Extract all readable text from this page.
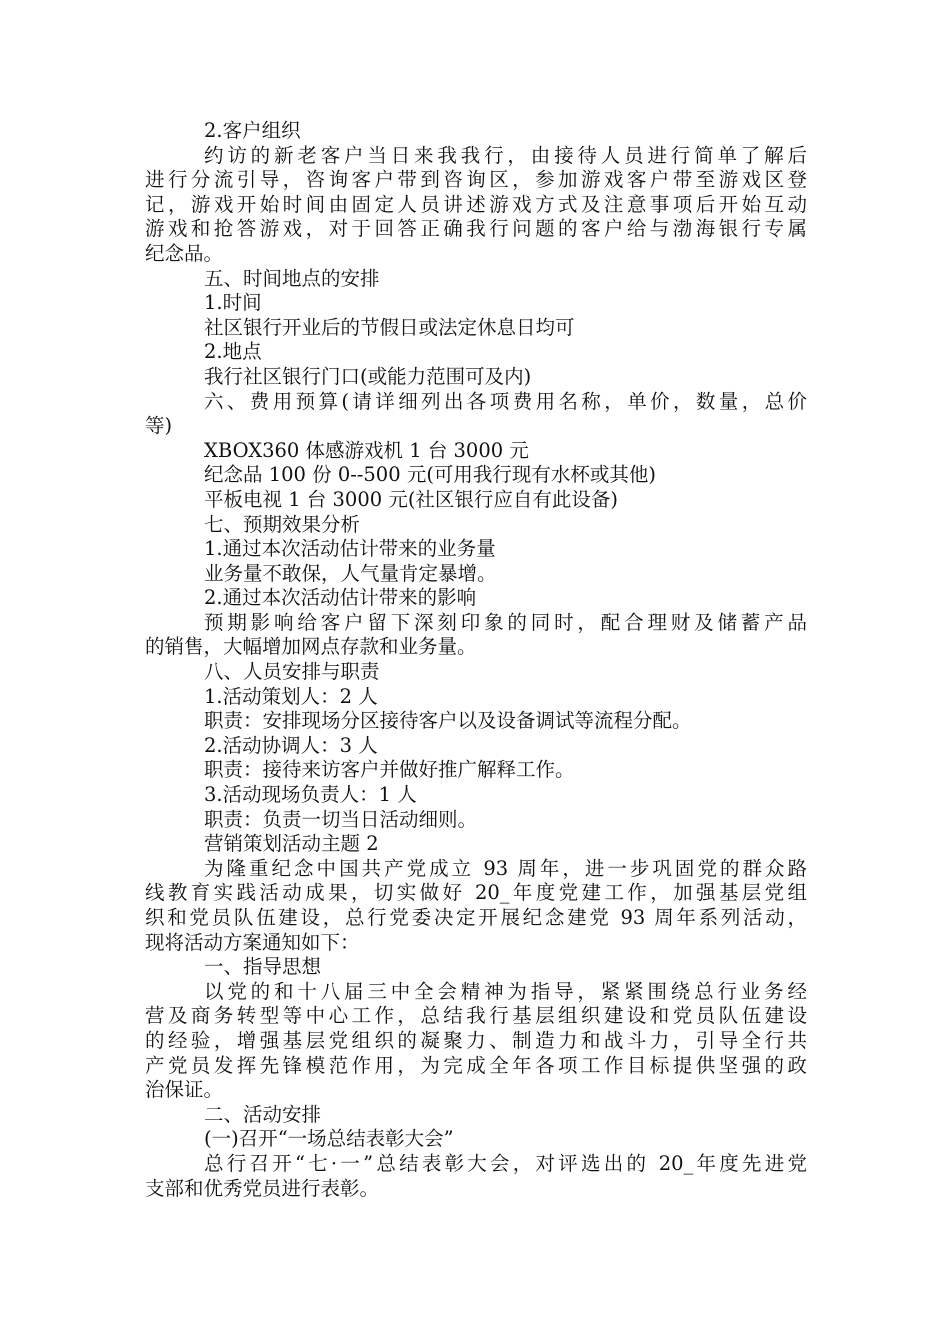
2.客户组织
约访的新老客户当日来我我行，由接待人员进行简单了解后
进行分流引导，咨询客户带到咨询区，参加游戏客户带至游戏区登
记，游戏开始时间由固定人员讲述游戏方式及注意事项后开始互动
游戏和抢答游戏，对于回答正确我行问题的客户给与渤海银行专属
纪念品。
五、时间地点的安排
1.时间
社区银行开业后的节假日或法定休息日均可
2.地点
我行社区银行门口(或能力范围可及内)
六、费用预算(请详细列出各项费用名称，单价，数量，总价
等)
XBOX360 体感游戏机 1 台 3000 元
纪念品 100 份 0--500 元(可用我行现有水杯或其他)
平板电视 1 台 3000 元(社区银行应自有此设备)
七、预期效果分析
1.通过本次活动估计带来的业务量
业务量不敢保，人气量肯定暴增。
2.通过本次活动估计带来的影响
预期影响给客户留下深刻印象的同时，配合理财及储蓄产品
的销售，大幅增加网点存款和业务量。
八、人员安排与职责
1.活动策划人：2 人
职责：安排现场分区接待客户以及设备调试等流程分配。
2.活动协调人：3 人
职责：接待来访客户并做好推广解释工作。
3.活动现场负责人：1 人
职责：负责一切当日活动细则。
营销策划活动主题 2
为隆重纪念中国共产党成立 93 周年，进一步巩固党的群众路
线教育实践活动成果，切实做好 20_年度党建工作，加强基层党组
织和党员队伍建设，总行党委决定开展纪念建党 93 周年系列活动，
现将活动方案通知如下：
一、指导思想
以党的和十八届三中全会精神为指导，紧紧围绕总行业务经
营及商务转型等中心工作，总结我行基层组织建设和党员队伍建设
的经验，增强基层党组织的凝聚力、制造力和战斗力，引导全行共
产党员发挥先锋模范作用，为完成全年各项工作目标提供坚强的政
治保证。
二、活动安排
(一)召开“一场总结表彰大会”
总行召开“七·一”总结表彰大会，对评选出的 20_年度先进党
支部和优秀党员进行表彰。
